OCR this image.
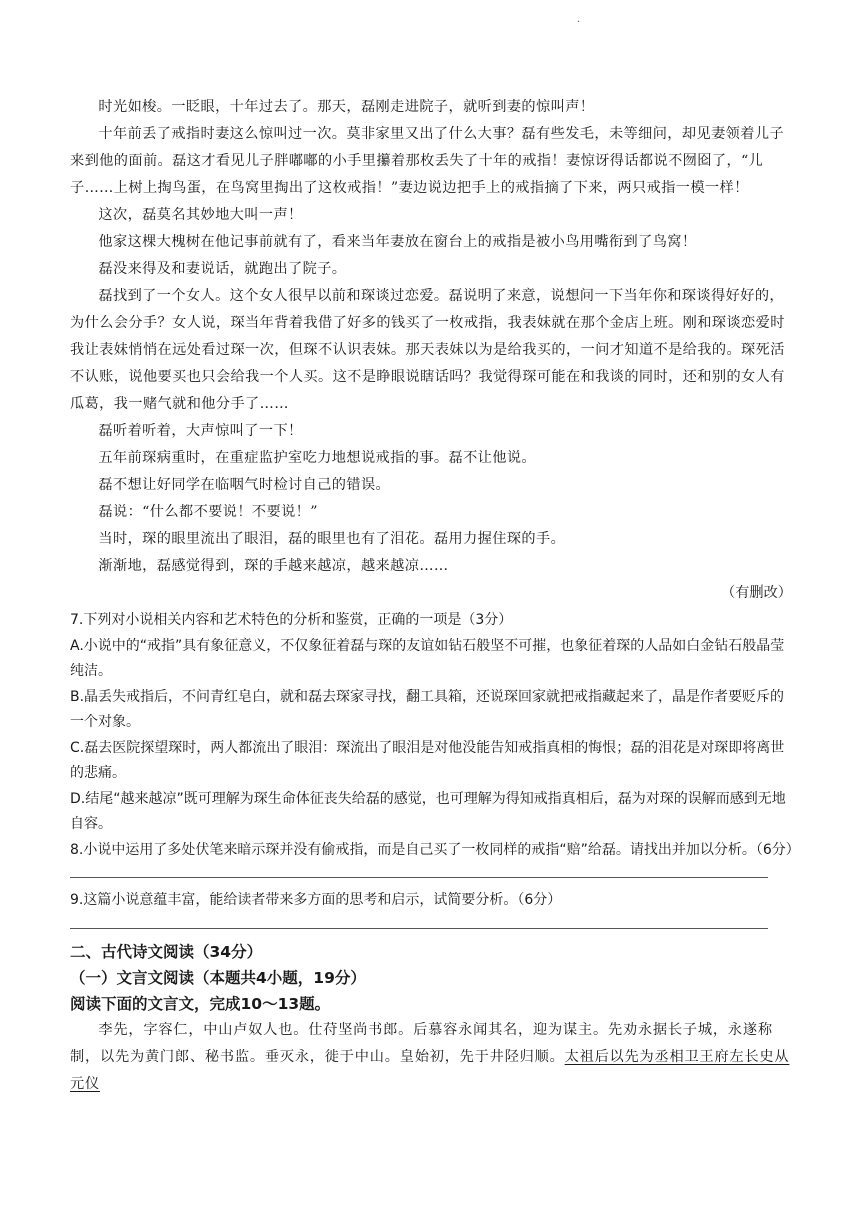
.

时光如梭。一眨眼，十年过去了。那天，磊刚走进院子，就听到妻的惊叫声！

十年前丢了戒指时妻这么惊叫过一次。莫非家里又出了什么大事？磊有些发毛，未等细问，却见妻领着儿子来到他的面前。磊这才看见儿子胖嘟嘟的小手里攥着那枚丢失了十年的戒指！妻惊讶得话都说不囫囵了，“儿子……上树上掏鸟蛋，在鸟窝里掏出了这枚戒指！”妻边说边把手上的戒指摘了下来，两只戒指一模一样！

这次，磊莫名其妙地大叫一声！

他家这棵大槐树在他记事前就有了，看来当年妻放在窗台上的戒指是被小鸟用嘴衔到了鸟窝！

磊没来得及和妻说话，就跑出了院子。

磊找到了一个女人。这个女人很早以前和琛谈过恋爱。磊说明了来意，说想问一下当年你和琛谈得好好的，为什么会分手？女人说，琛当年背着我借了好多的钱买了一枚戒指，我表妹就在那个金店上班。刚和琛谈恋爱时我让表妹悄悄在远处看过琛一次，但琛不认识表妹。那天表妹以为是给我买的，一问才知道不是给我的。琛死活不认账，说他要买也只会给我一个人买。这不是睁眼说瞎话吗？我觉得琛可能在和我谈的同时，还和别的女人有瓜葛，我一赌气就和他分手了……

磊听着听着，大声惊叫了一下！

五年前琛病重时，在重症监护室吃力地想说戒指的事。磊不让他说。

磊不想让好同学在临咽气时检讨自己的错误。

磊说：“什么都不要说！不要说！”

当时，琛的眼里流出了眼泪，磊的眼里也有了泪花。磊用力握住琛的手。

渐渐地，磊感觉得到，琛的手越来越凉，越来越凉……

（有删改）

7.下列对小说相关内容和艺术特色的分析和鉴赏，正确的一项是（3分）

A.小说中的“戒指”具有象征意义，不仅象征着磊与琛的友谊如钻石般坚不可摧，也象征着琛的人品如白金钻石般晶莹纯洁。

B.晶丢失戒指后，不问青红皂白，就和磊去琛家寻找，翻工具箱，还说琛回家就把戒指藏起来了，晶是作者要贬斥的一个对象。

C.磊去医院探望琛时，两人都流出了眼泪：琛流出了眼泪是对他没能告知戒指真相的悔恨；磊的泪花是对琛即将离世的悲痛。

D.结尾“越来越凉”既可理解为琛生命体征丧失给磊的感觉，也可理解为得知戒指真相后，磊为对琛的误解而感到无地自容。

8.小说中运用了多处伏笔来暗示琛并没有偷戒指，而是自己买了一枚同样的戒指“赔”给磊。请找出并加以分析。（6分）

9.这篇小说意蕴丰富，能给读者带来多方面的思考和启示，试简要分析。（6分）

二、古代诗文阅读（34分）

（一）文言文阅读（本题共4小题，19分）

阅读下面的文言文，完成10～13题。

李先，字容仁，中山卢奴人也。仕苻坚尚书郎。后慕容永闻其名，迎为谋主。先劝永据长子城，永遂称制，以先为黄门郎、秘书监。垂灭永，徙于中山。皇始初，先于井陉归顺。太祖后以先为丞相卫王府左长史从元仪
